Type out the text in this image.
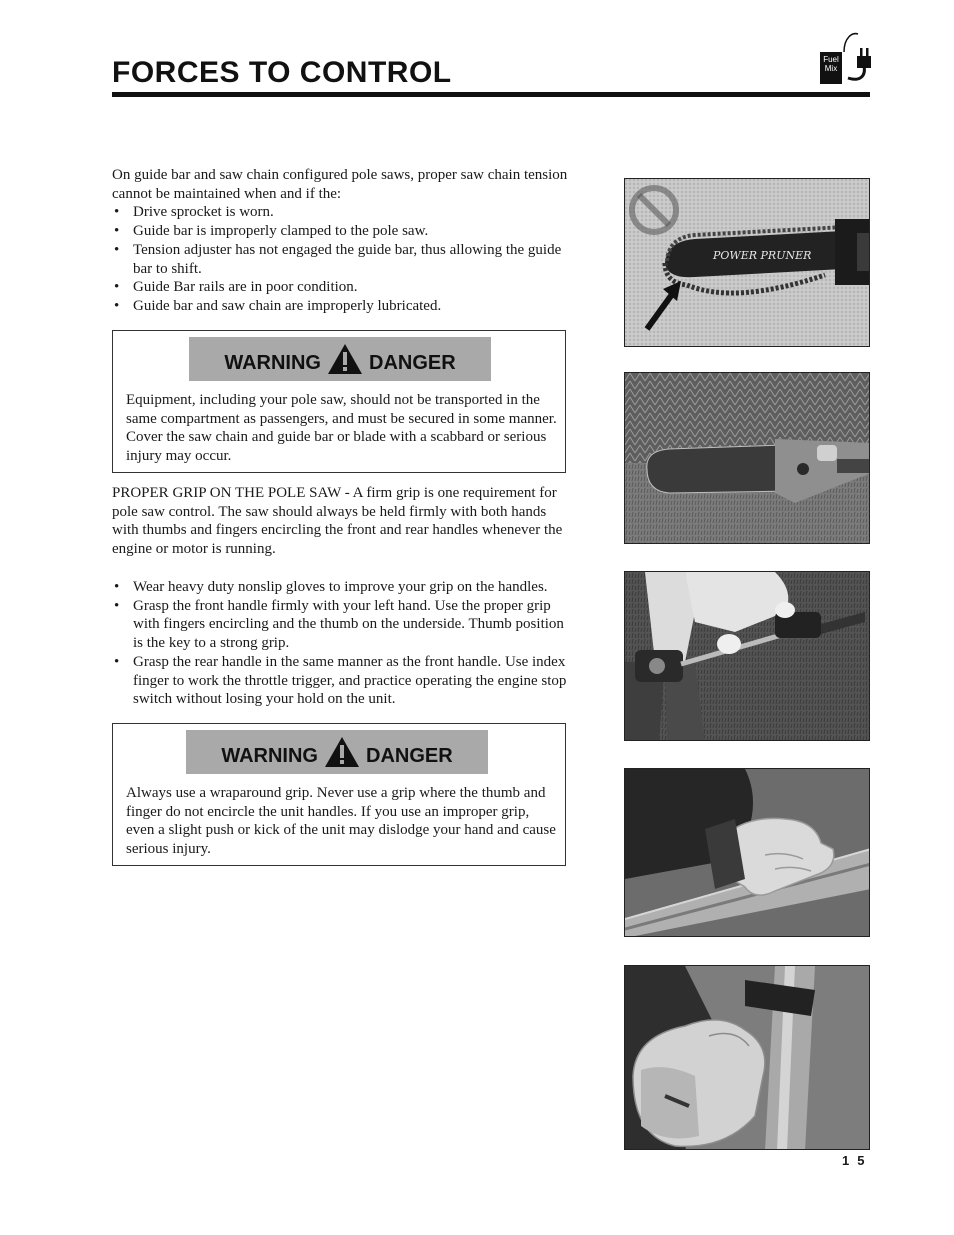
FORCES TO CONTROL	Fuel Mix
On guide bar and saw chain configured pole saws, proper saw chain tension cannot be maintained when and if the:
• Drive sprocket is worn.
• Guide bar is improperly clamped to the pole saw.
• Tension adjuster has not engaged the guide bar, thus allowing the guide bar to shift.
• Guide Bar rails are in poor condition.
• Guide bar and saw chain are improperly lubricated.
WARNING DANGER
Equipment, including your pole saw, should not be transported in the same compartment as passengers, and must be secured in some manner. Cover the saw chain and guide bar or blade with a scabbard or serious injury may occur.
PROPER GRIP ON THE POLE SAW - A firm grip is one requirement for pole saw control. The saw should always be held firmly with both hands with thumbs and fingers encircling the front and rear handles whenever the engine or motor is running.
• Wear heavy duty nonslip gloves to improve your grip on the handles.
• Grasp the front handle firmly with your left hand. Use the proper grip with fingers encircling and the thumb on the underside. Thumb position is the key to a strong grip.
• Grasp the rear handle in the same manner as the front handle. Use index finger to work the throttle trigger, and practice operating the engine stop switch without losing your hold on the unit.
WARNING DANGER
Always use a wraparound grip. Never use a grip where the thumb and finger do not encircle the unit handles. If you use an improper grip, even a slight push or kick of the unit may dislodge your hand and cause serious injury.
POWER PRUNER
15
